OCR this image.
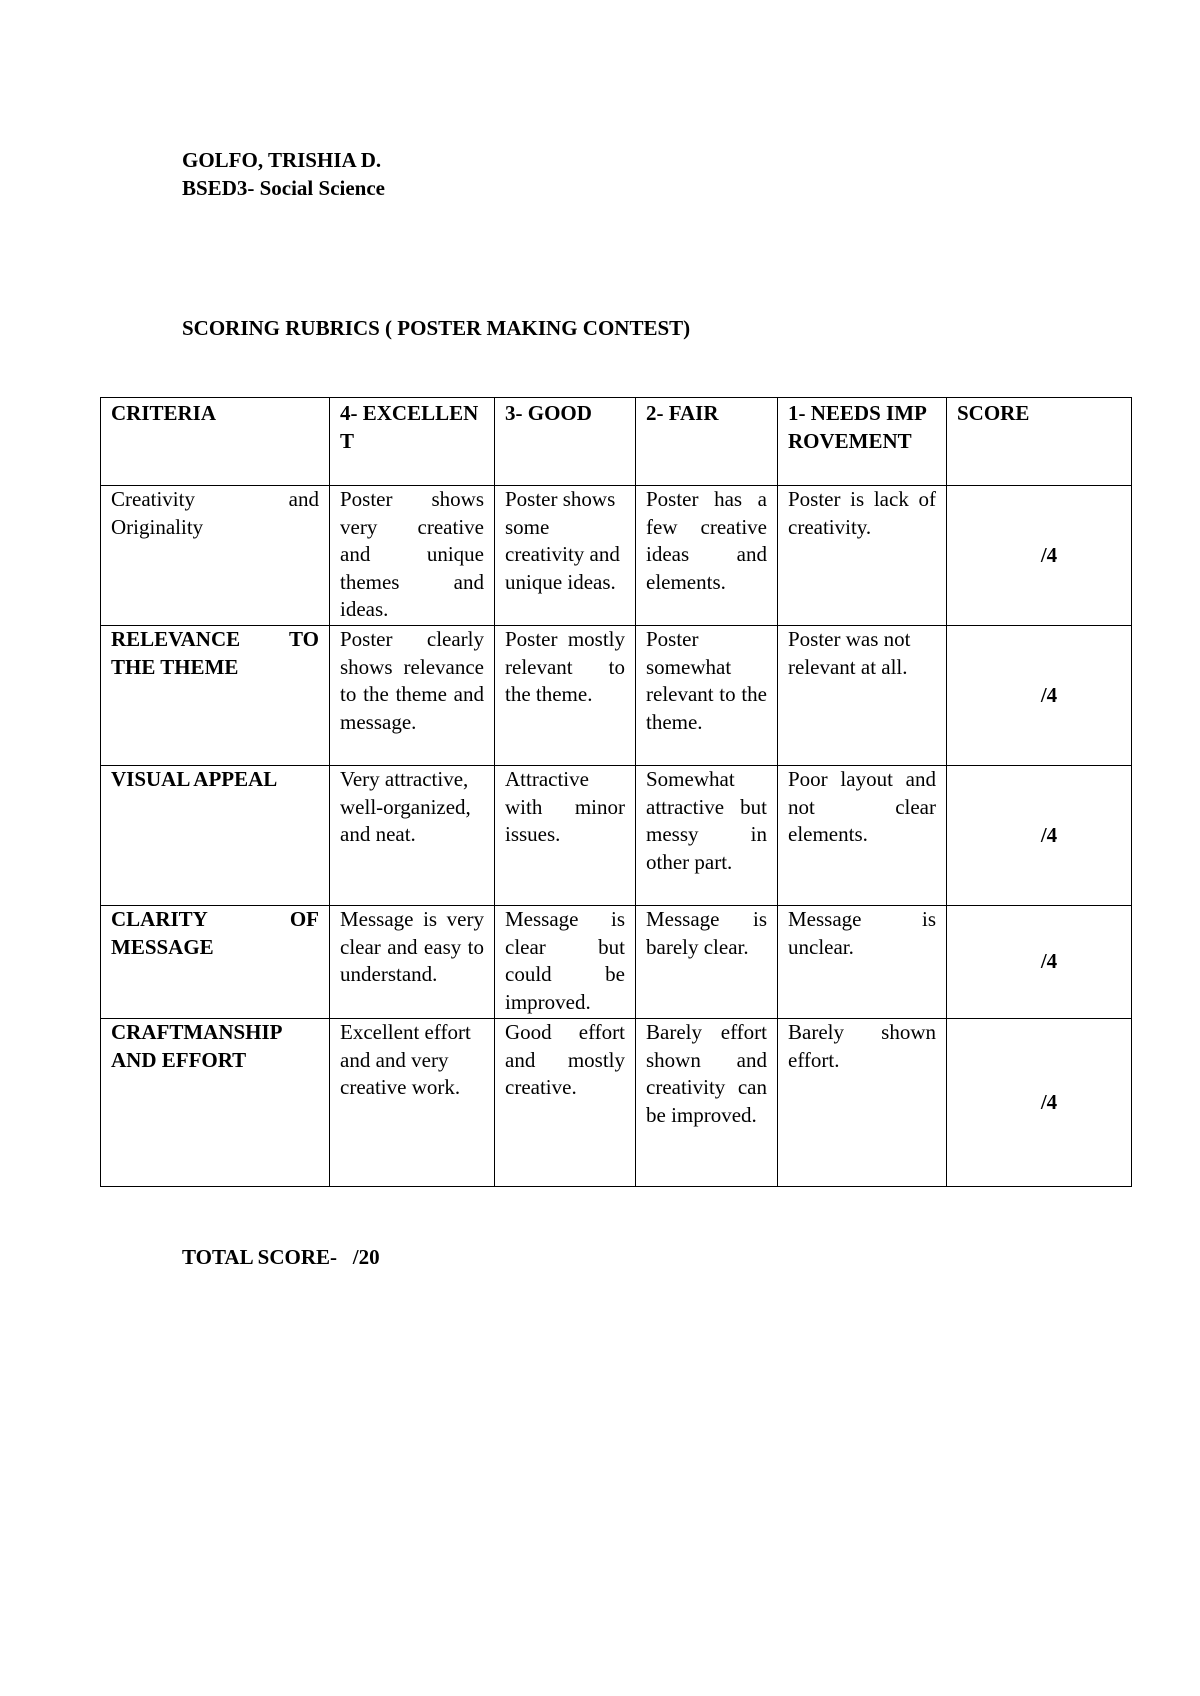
GOLFO, TRISHIA D.
BSED3- Social Science
SCORING RUBRICS ( POSTER MAKING CONTEST)
CRITERIA	4- EXCELLENT	3- GOOD	2- FAIR	1- NEEDS IMPROVEMENT	SCORE
Creativity and Originality	Poster shows very creative and unique themes and ideas.	Poster shows some creativity and unique ideas.	Poster has a few creative ideas and elements.	Poster is lack of creativity.	/4
RELEVANCE TO THE THEME	Poster clearly shows relevance to the theme and message.	Poster mostly relevant to the theme.	Poster somewhat relevant to the theme.	Poster was not relevant at all.	/4
VISUAL APPEAL	Very attractive, well-organized, and neat.	Attractive with minor issues.	Somewhat attractive but messy in other part.	Poor layout and not clear elements.	/4
CLARITY OF MESSAGE	Message is very clear and easy to understand.	Message is clear but could be improved.	Message is barely clear.	Message is unclear.	/4
CRAFTMANSHIP AND EFFORT	Excellent effort and and very creative work.	Good effort and mostly creative.	Barely effort shown and creativity can be improved.	Barely shown effort.	/4
TOTAL SCORE-   /20
